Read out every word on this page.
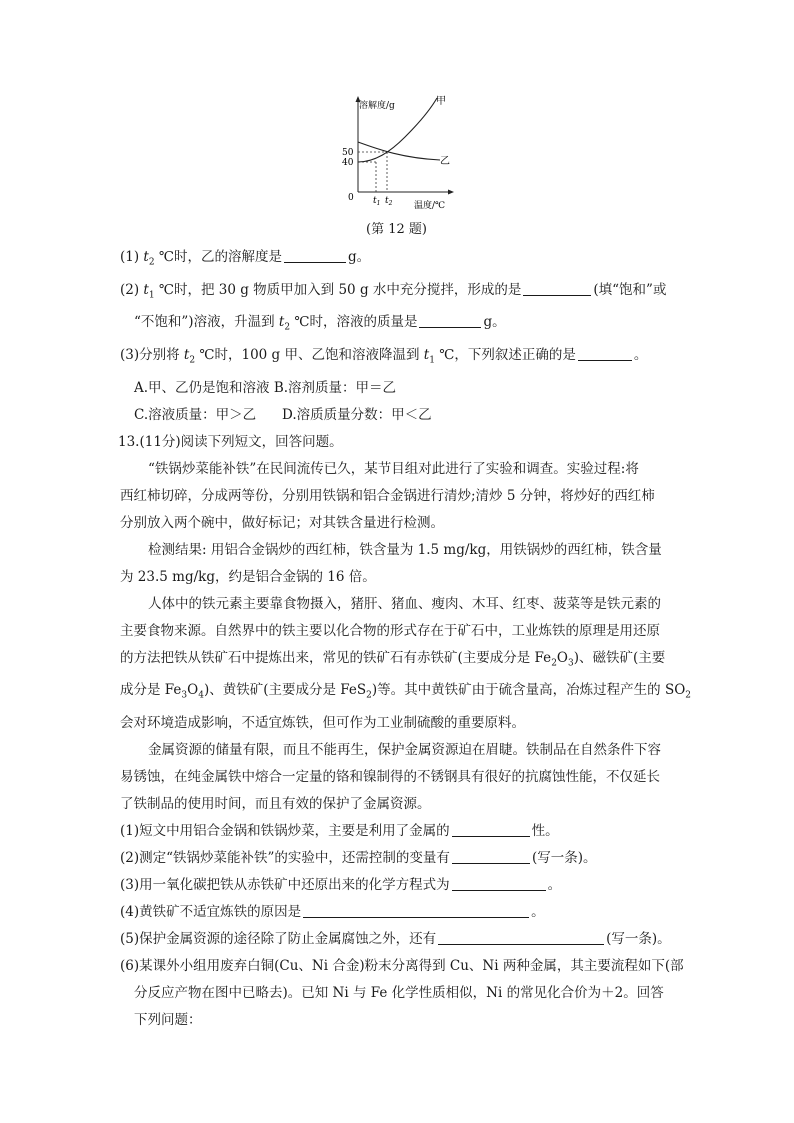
溶解度/g	甲
乙
50
40
0 $t_1$ $t_2$ 温度/℃
(第 12 题)
(1) $t_2$ ℃时，乙的溶解度是	g。
(2) $t_1$ ℃时，把 30 g 物质甲加入到 50 g 水中充分搅拌，形成的是	(填“饱和”或
“不饱和”)溶液，升温到 $t_2$ ℃时，溶液的质量是	g。
(3)分别将 $t_2$ ℃时，100 g 甲、乙饱和溶液降温到 $t_1$ ℃，下列叙述正确的是	。
A.甲、乙仍是饱和溶液 B.溶剂质量：甲＝乙
C.溶液质量：甲＞乙 D.溶质质量分数：甲＜乙
13.(11分)阅读下列短文，回答问题。
“铁锅炒菜能补铁”在民间流传已久，某节目组对此进行了实验和调查。实验过程:将
西红柿切碎，分成两等份，分别用铁锅和铝合金锅进行清炒;清炒 5 分钟，将炒好的西红柿
分别放入两个碗中，做好标记；对其铁含量进行检测。
检测结果: 用铝合金锅炒的西红柿，铁含量为 1.5 mg/kg，用铁锅炒的西红柿，铁含量
为 23.5 mg/kg，约是铝合金锅的 16 倍。
人体中的铁元素主要靠食物摄入，猪肝、猪血、瘦肉、木耳、红枣、菠菜等是铁元素的
主要食物来源。自然界中的铁主要以化合物的形式存在于矿石中，工业炼铁的原理是用还原
的方法把铁从铁矿石中提炼出来，常见的铁矿石有赤铁矿(主要成分是 $Fe_2O_3$)、磁铁矿(主要
成分是 $Fe_3O_4$)、黄铁矿(主要成分是 FeS$_2$)等。其中黄铁矿由于硫含量高，冶炼过程产生的 $SO_2$
会对环境造成影响，不适宜炼铁，但可作为工业制硫酸的重要原料。
金属资源的储量有限，而且不能再生，保护金属资源迫在眉睫。铁制品在自然条件下容
易锈蚀，在纯金属铁中熔合一定量的铬和镍制得的不锈钢具有很好的抗腐蚀性能，不仅延长
了铁制品的使用时间，而且有效的保护了金属资源。
(1)短文中用铝合金锅和铁锅炒菜，主要是利用了金属的	性。
(2)测定“铁锅炒菜能补铁”的实验中，还需控制的变量有	(写一条)。
(3)用一氧化碳把铁从赤铁矿中还原出来的化学方程式为	。
(4)黄铁矿不适宜炼铁的原因是	。
(5)保护金属资源的途径除了防止金属腐蚀之外，还有	(写一条)。
(6)某课外小组用废弃白铜(Cu、Ni 合金)粉末分离得到 Cu、Ni 两种金属，其主要流程如下(部
分反应产物在图中已略去)。已知 Ni 与 Fe 化学性质相似，Ni 的常见化合价为＋2。回答
下列问题：
